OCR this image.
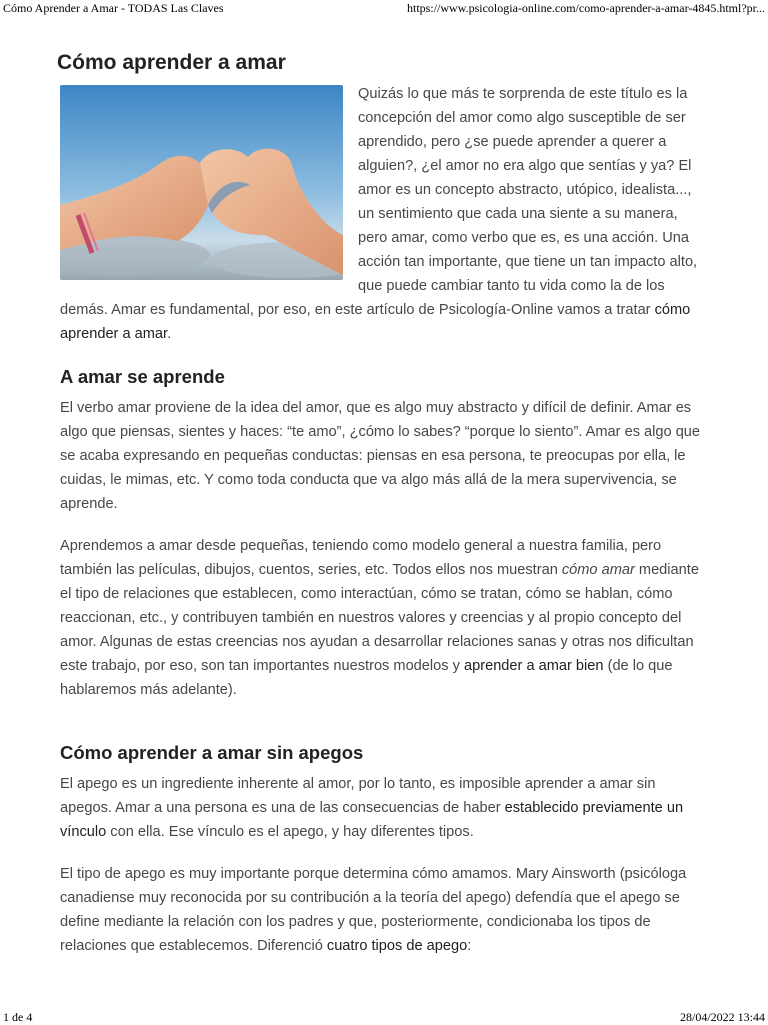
Cómo Aprender a Amar - TODAS Las Claves	https://www.psicologia-online.com/como-aprender-a-amar-4845.html?pr...
Cómo aprender a amar

Quizás lo que más te sorprenda de este título es la concepción del amor como algo susceptible de ser aprendido, pero ¿se puede aprender a querer a alguien?, ¿el amor no era algo que sentías y ya? El amor es un concepto abstracto, utópico, idealista..., un sentimiento que cada una siente a su manera, pero amar, como verbo que es, es una acción. Una acción tan importante, que tiene un tan impacto alto, que puede cambiar tanto tu vida como la de los demás. Amar es fundamental, por eso, en este artículo de Psicología-Online vamos a tratar cómo aprender a amar.

A amar se aprende

El verbo amar proviene de la idea del amor, que es algo muy abstracto y difícil de definir. Amar es algo que piensas, sientes y haces: “te amo”, ¿cómo lo sabes? “porque lo siento”. Amar es algo que se acaba expresando en pequeñas conductas: piensas en esa persona, te preocupas por ella, le cuidas, le mimas, etc. Y como toda conducta que va algo más allá de la mera supervivencia, se aprende.

Aprendemos a amar desde pequeñas, teniendo como modelo general a nuestra familia, pero también las películas, dibujos, cuentos, series, etc. Todos ellos nos muestran cómo amar mediante el tipo de relaciones que establecen, como interactúan, cómo se tratan, cómo se hablan, cómo reaccionan, etc., y contribuyen también en nuestros valores y creencias y al propio concepto del amor. Algunas de estas creencias nos ayudan a desarrollar relaciones sanas y otras nos dificultan este trabajo, por eso, son tan importantes nuestros modelos y aprender a amar bien (de lo que hablaremos más adelante).

Cómo aprender a amar sin apegos

El apego es un ingrediente inherente al amor, por lo tanto, es imposible aprender a amar sin apegos. Amar a una persona es una de las consecuencias de haber establecido previamente un vínculo con ella. Ese vínculo es el apego, y hay diferentes tipos.

El tipo de apego es muy importante porque determina cómo amamos. Mary Ainsworth (psicóloga canadiense muy reconocida por su contribución a la teoría del apego) defendía que el apego se define mediante la relación con los padres y que, posteriormente, condicionaba los tipos de relaciones que establecemos. Diferenció cuatro tipos de apego:

1 de 4	28/04/2022 13:44
